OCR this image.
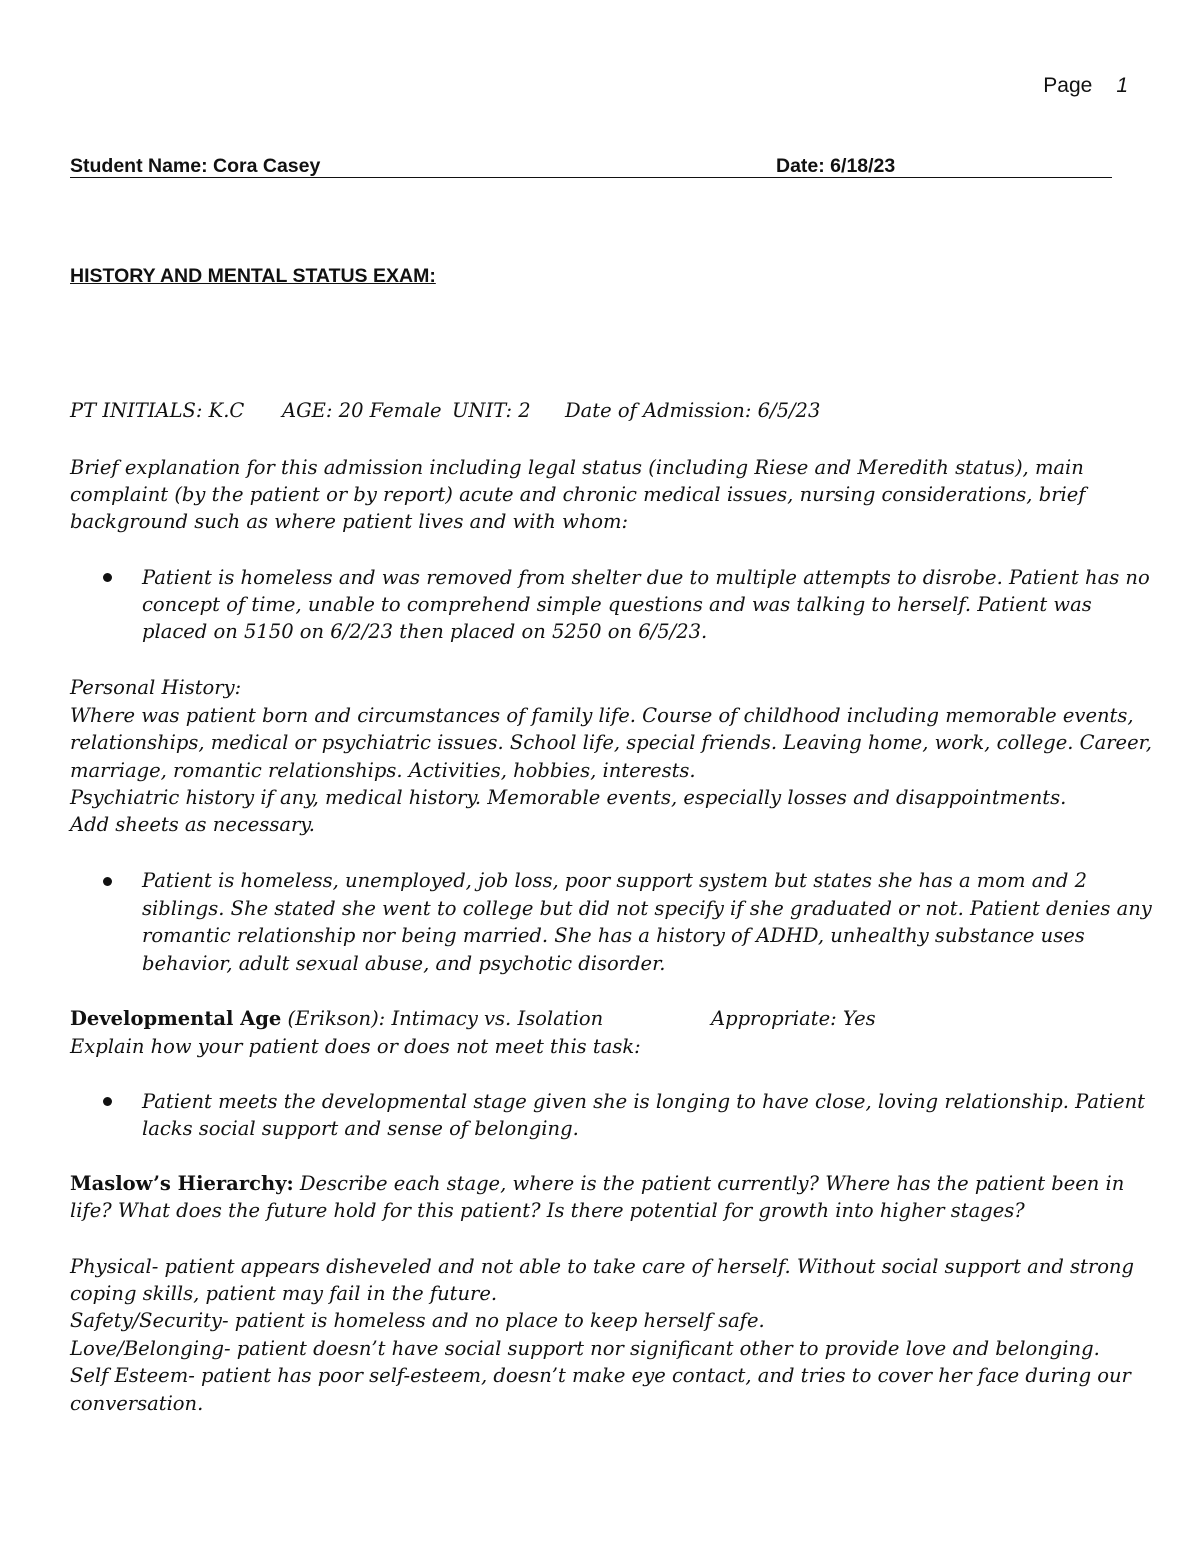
Page 1
Student Name: Cora Casey	Date: 6/18/23
HISTORY AND MENTAL STATUS EXAM:
PT INITIALS: K.C AGE: 20 Female UNIT: 2 Date of Admission: 6/5/23
Brief explanation for this admission including legal status (including Riese and Meredith status), main
complaint (by the patient or by report) acute and chronic medical issues, nursing considerations, brief
background such as where patient lives and with whom:
Patient is homeless and was removed from shelter due to multiple attempts to disrobe. Patient has no
concept of time, unable to comprehend simple questions and was talking to herself. Patient was
placed on 5150 on 6/2/23 then placed on 5250 on 6/5/23.
Personal History:
Where was patient born and circumstances of family life. Course of childhood including memorable events,
relationships, medical or psychiatric issues. School life, special friends. Leaving home, work, college. Career,
marriage, romantic relationships. Activities, hobbies, interests.
Psychiatric history if any, medical history. Memorable events, especially losses and disappointments.
Add sheets as necessary.
Patient is homeless, unemployed, job loss, poor support system but states she has a mom and 2
siblings. She stated she went to college but did not specify if she graduated or not. Patient denies any
romantic relationship nor being married. She has a history of ADHD, unhealthy substance uses
behavior, adult sexual abuse, and psychotic disorder.
Developmental Age (Erikson): Intimacy vs. Isolation	Appropriate: Yes
Explain how your patient does or does not meet this task:
Patient meets the developmental stage given she is longing to have close, loving relationship. Patient
lacks social support and sense of belonging.
Maslow’s Hierarchy: Describe each stage, where is the patient currently? Where has the patient been in
life? What does the future hold for this patient? Is there potential for growth into higher stages?
Physical- patient appears disheveled and not able to take care of herself. Without social support and strong
coping skills, patient may fail in the future.
Safety/Security- patient is homeless and no place to keep herself safe.
Love/Belonging- patient doesn’t have social support nor significant other to provide love and belonging.
Self Esteem- patient has poor self-esteem, doesn’t make eye contact, and tries to cover her face during our
conversation.
